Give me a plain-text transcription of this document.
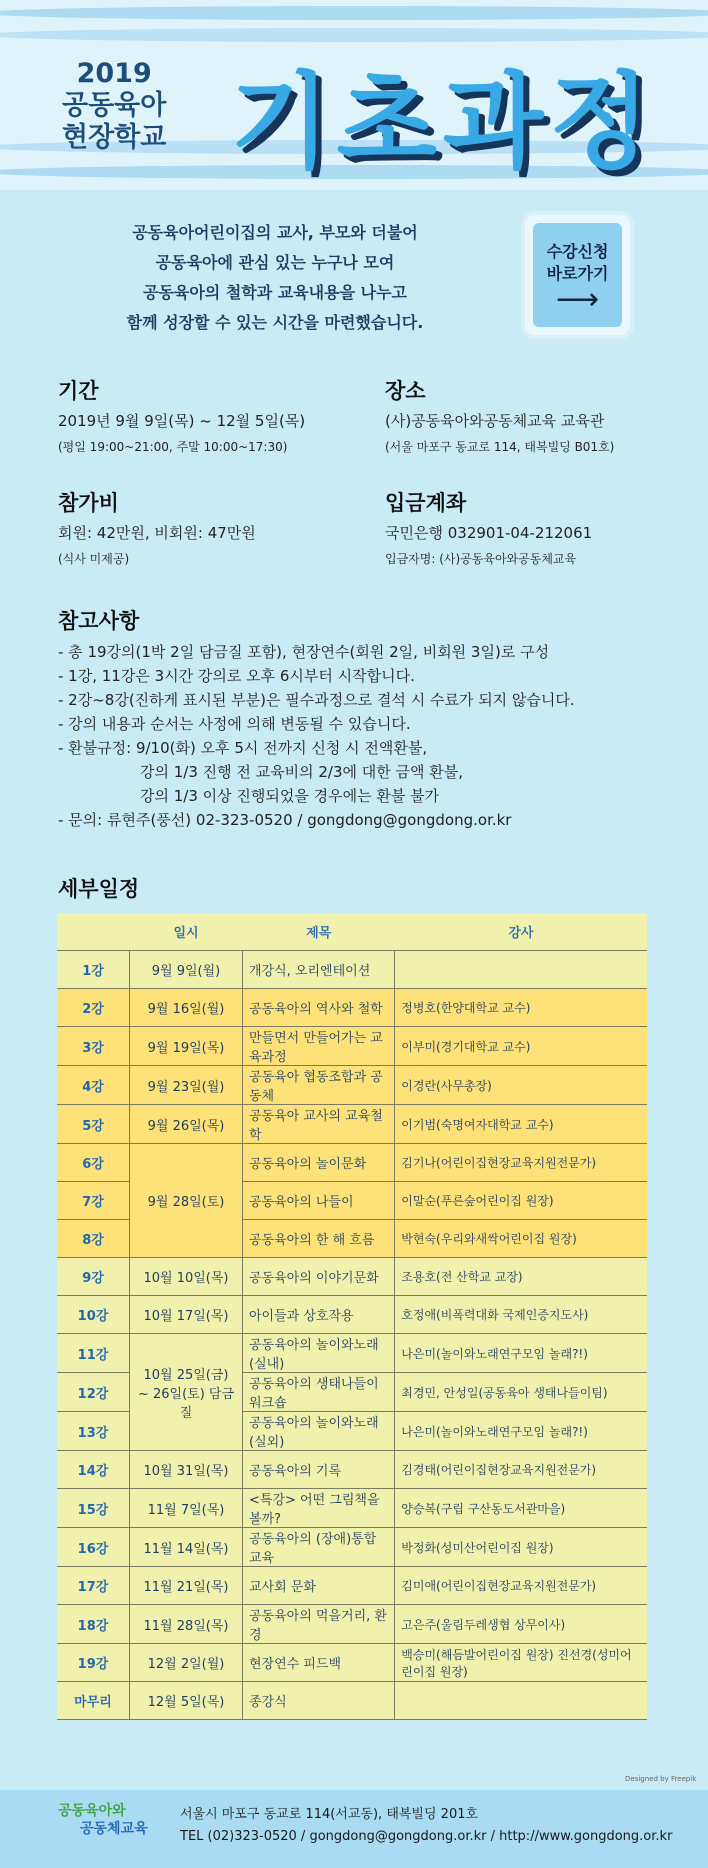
2019
공동육아
현장학교 기초과정
공동육아어린이집의 교사, 부모와 더불어
공동육아에 관심 있는 누구나 모여
공동육아의 철학과 교육내용을 나누고
함께 성장할 수 있는 시간을 마련했습니다.
수강신청
바로가기
⟶
기간
2019년 9월 9일(목) ~ 12월 5일(목)
(평일 19:00~21:00, 주말 10:00~17:30)
장소
(사)공동육아와공동체교육 교육관
(서울 마포구 동교로 114, 태복빌딩 B01호)
참가비
회원: 42만원, 비회원: 47만원
(식사 미제공)
입금계좌
국민은행 032901-04-212061
입금자명: (사)공동육아와공동체교육
참고사항
- 총 19강의(1박 2일 담금질 포함), 현장연수(회원 2일, 비회원 3일)로 구성
- 1강, 11강은 3시간 강의로 오후 6시부터 시작합니다.
- 2강~8강(진하게 표시된 부분)은 필수과정으로 결석 시 수료가 되지 않습니다.
- 강의 내용과 순서는 사정에 의해 변동될 수 있습니다.
- 환불규정: 9/10(화) 오후 5시 전까지 신청 시 전액환불,
강의 1/3 진행 전 교육비의 2/3에 대한 금액 환불,
강의 1/3 이상 진행되었을 경우에는 환불 불가
- 문의: 류현주(풍선) 02-323-0520 / gongdong@gongdong.or.kr
세부일정
	일시	제목	강사
1강	9월 9일(월)	개강식, 오리엔테이션	
2강	9월 16일(월)	공동육아의 역사와 철학	정병호(한양대학교 교수)
3강	9월 19일(목)	만들면서 만들어가는 교육과정	이부미(경기대학교 교수)
4강	9월 23일(월)	공동육아 협동조합과 공동체	이경란(사무총장)
5강	9월 26일(목)	공동육아 교사의 교육철학	이기범(숙명여자대학교 교수)
6강	9월 28일(토)	공동육아의 놀이문화	김기나(어린이집현장교육지원전문가)
7강		공동육아의 나들이	이말순(푸른숲어린이집 원장)
8강		공동육아의 한 해 흐름	박현숙(우리와새싹어린이집 원장)
9강	10월 10일(목)	공동육아의 이야기문화	조용호(전 산학교 교장)
10강	10월 17일(목)	아이들과 상호작용	호정애(비폭력대화 국제인증지도사)
11강	10월 25일(금) ~ 26일(토) 담금질	공동육아의 놀이와노래(실내)	나은미(놀이와노래연구모임 놀래?!)
12강		공동육아의 생태나들이 워크숍	최경민, 안성일(공동육아 생태나들이팀)
13강		공동육아의 놀이와노래(실외)	나은미(놀이와노래연구모임 놀래?!)
14강	10월 31일(목)	공동육아의 기록	김경태(어린이집현장교육지원전문가)
15강	11월 7일(목)	<특강> 어떤 그림책을 볼까?	양승복(구립 구산동도서관마을)
16강	11월 14일(목)	공동육아의 (장애)통합교육	박정화(성미산어린이집 원장)
17강	11월 21일(목)	교사회 문화	김미애(어린이집현장교육지원전문가)
18강	11월 28일(목)	공동육아의 먹을거리, 환경	고은주(울림두레생협 상무이사)
19강	12월 2일(월)	현장연수 피드백	백승미(해듬발어린이집 원장) 진선경(성미어린이집 원장)
마무리	12월 5일(목)	종강식	
Designed by Freepik
공동육아와
공동체교육
서울시 마포구 동교로 114(서교동), 태복빌딩 201호
TEL (02)323-0520 / gongdong@gongdong.or.kr / http://www.gongdong.or.kr
